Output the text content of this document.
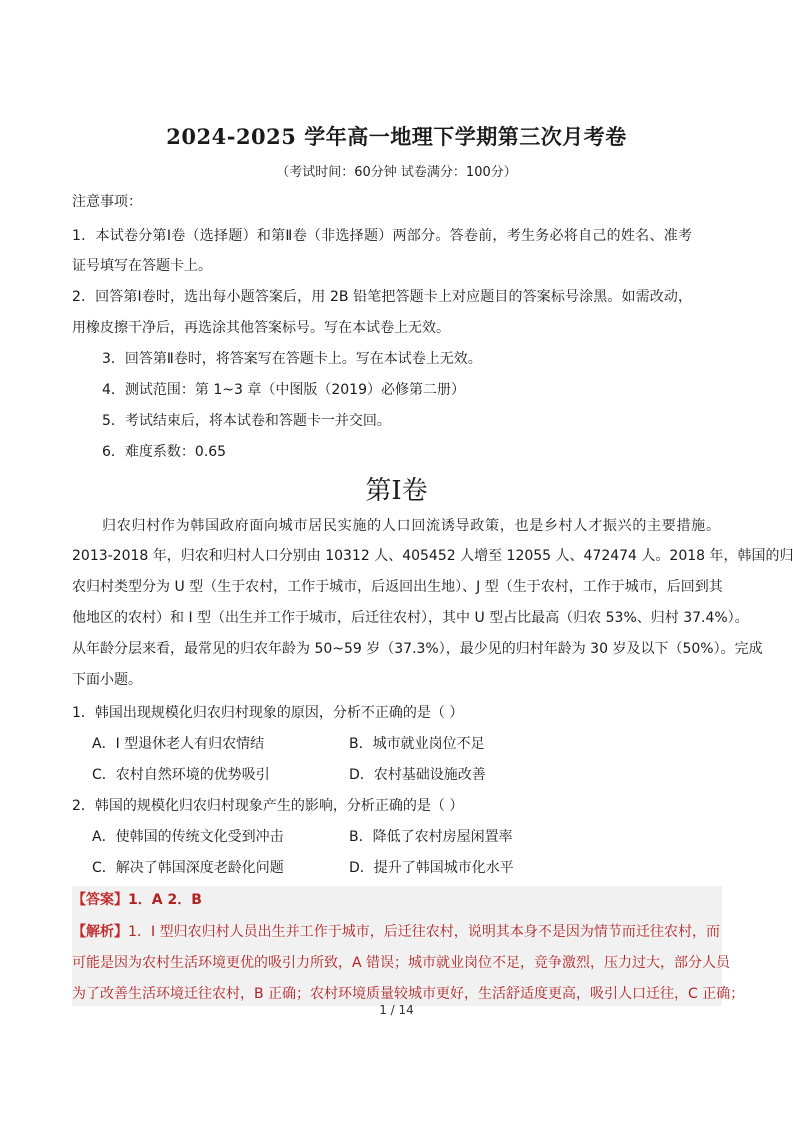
2024-2025 学年高一地理下学期第三次月考卷
（考试时间：60分钟 试卷满分：100分）
注意事项：
1．本试卷分第Ⅰ卷（选择题）和第Ⅱ卷（非选择题）两部分。答卷前，考生务必将自己的姓名、准考
证号填写在答题卡上。
2．回答第Ⅰ卷时，选出每小题答案后，用 2B 铅笔把答题卡上对应题目的答案标号涂黑。如需改动，
用橡皮擦干净后，再选涂其他答案标号。写在本试卷上无效。
3．回答第Ⅱ卷时，将答案写在答题卡上。写在本试卷上无效。
4．测试范围：第 1~3 章（中图版（2019）必修第二册）
5．考试结束后，将本试卷和答题卡一并交回。
6．难度系数：0.65
第Ⅰ卷
归农归村作为韩国政府面向城市居民实施的人口回流诱导政策，也是乡村人才振兴的主要措施。
2013-2018 年，归农和归村人口分别由 10312 人、405452 人增至 12055 人、472474 人。2018 年，韩国的归
农归村类型分为 U 型（生于农村，工作于城市，后返回出生地）、J 型（生于农村，工作于城市，后回到其
他地区的农村）和 I 型（出生并工作于城市，后迁往农村），其中 U 型占比最高（归农 53%、归村 37.4%）。
从年龄分层来看，最常见的归农年龄为 50~59 岁（37.3%），最少见的归村年龄为 30 岁及以下（50%）。完成
下面小题。
1．韩国出现规模化归农归村现象的原因，分析不正确的是（ ）
A．I 型退休老人有归农情结	B．城市就业岗位不足
C．农村自然环境的优势吸引	D．农村基础设施改善
2．韩国的规模化归农归村现象产生的影响，分析正确的是（ ）
A．使韩国的传统文化受到冲击	B．降低了农村房屋闲置率
C．解决了韩国深度老龄化问题	D．提升了韩国城市化水平
【答案】1．A 2．B
【解析】1．I 型归农归村人员出生并工作于城市，后迁往农村，说明其本身不是因为情节而迁往农村，而
可能是因为农村生活环境更优的吸引力所致，A 错误；城市就业岗位不足，竞争激烈，压力过大，部分人员
为了改善生活环境迁往农村，B 正确；农村环境质量较城市更好，生活舒适度更高，吸引人口迁往，C 正确；
1 / 14
